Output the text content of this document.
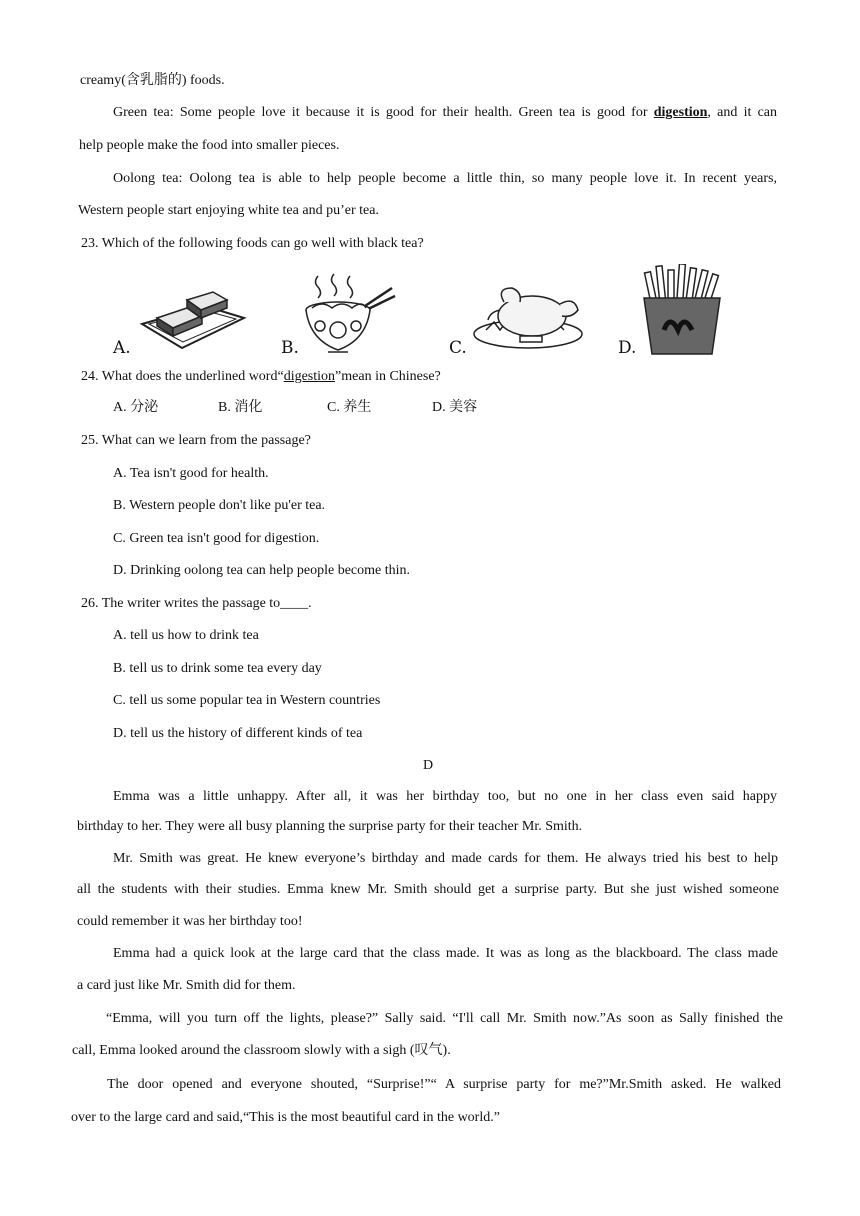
creamy(含乳脂的) foods.
Green tea: Some people love it because it is good for their health. Green tea is good for digestion, and it can
help people make the food into smaller pieces.
Oolong tea: Oolong tea is able to help people become a little thin, so many people love it. In recent years,
Western people start enjoying white tea and pu’er tea.
23. Which of the following foods can go well with black tea?
A.	B.	C.	D.
24. What does the underlined word“digestion”mean in Chinese?
A. 分泌	B. 消化	C. 养生	D. 美容
25. What can we learn from the passage?
A. Tea isn't good for health.
B. Western people don't like pu'er tea.
C. Green tea isn't good for digestion.
D. Drinking oolong tea can help people become thin.
26. The writer writes the passage to____.
A. tell us how to drink tea
B. tell us to drink some tea every day
C. tell us some popular tea in Western countries
D. tell us the history of different kinds of tea
D
Emma was a little unhappy. After all, it was her birthday too, but no one in her class even said happy
birthday to her. They were all busy planning the surprise party for their teacher Mr. Smith.
Mr. Smith was great. He knew everyone’s birthday and made cards for them. He always tried his best to help
all the students with their studies. Emma knew Mr. Smith should get a surprise party. But she just wished someone
could remember it was her birthday too!
Emma had a quick look at the large card that the class made. It was as long as the blackboard. The class made
a card just like Mr. Smith did for them.
“Emma, will you turn off the lights, please?” Sally said. “I'll call Mr. Smith now.”As soon as Sally finished the
call, Emma looked around the classroom slowly with a sigh (叹气).
The door opened and everyone shouted, “Surprise!”“ A surprise party for me?”Mr.Smith asked. He walked
over to the large card and said,“This is the most beautiful card in the world.”
